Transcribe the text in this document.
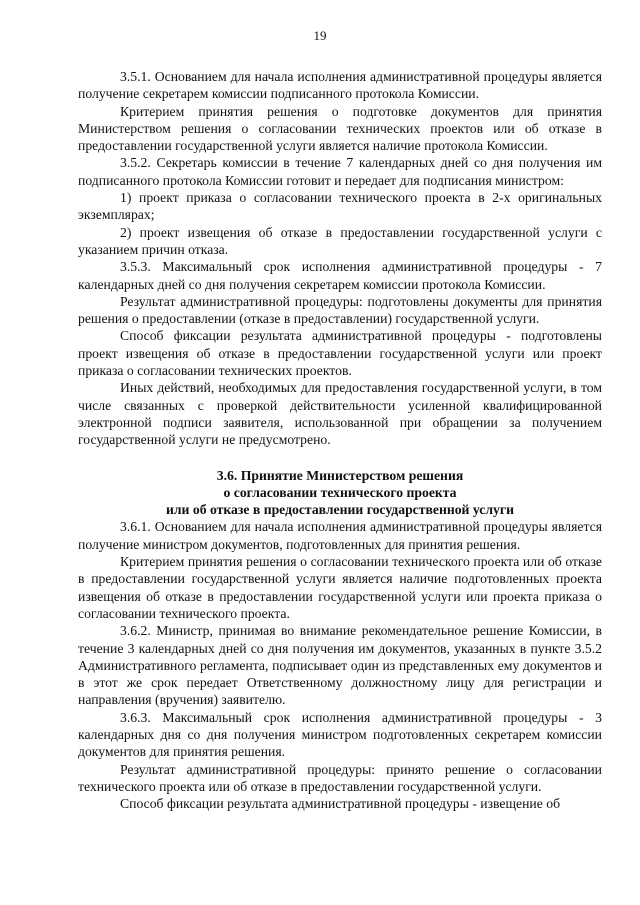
19

3.5.1. Основанием для начала исполнения административной процедуры является получение секретарем комиссии подписанного протокола Комиссии.

Критерием принятия решения о подготовке документов для принятия Министерством решения о согласовании технических проектов или об отказе в предоставлении государственной услуги является наличие протокола Комиссии.

3.5.2. Секретарь комиссии в течение 7 календарных дней со дня получения им подписанного протокола Комиссии готовит и передает для подписания министром:

1) проект приказа о согласовании технического проекта в 2-х оригинальных экземплярах;

2) проект извещения об отказе в предоставлении государственной услуги с указанием причин отказа.

3.5.3. Максимальный срок исполнения административной процедуры - 7 календарных дней со дня получения секретарем комиссии протокола Комиссии.

Результат административной процедуры: подготовлены документы для принятия решения о предоставлении (отказе в предоставлении) государственной услуги.

Способ фиксации результата административной процедуры - подготовлены проект извещения об отказе в предоставлении государственной услуги или проект приказа о согласовании технических проектов.

Иных действий, необходимых для предоставления государственной услуги, в том числе связанных с проверкой действительности усиленной квалифицированной электронной подписи заявителя, использованной при обращении за получением государственной услуги не предусмотрено.

3.6. Принятие Министерством решения
о согласовании технического проекта
или об отказе в предоставлении государственной услуги

3.6.1. Основанием для начала исполнения административной процедуры является получение министром документов, подготовленных для принятия решения.

Критерием принятия решения о согласовании технического проекта или об отказе в предоставлении государственной услуги является наличие подготовленных проекта извещения об отказе в предоставлении государственной услуги или проекта приказа о согласовании технического проекта.

3.6.2. Министр, принимая во внимание рекомендательное решение Комиссии, в течение 3 календарных дней со дня получения им документов, указанных в пункте 3.5.2 Административного регламента, подписывает один из представленных ему документов и в этот же срок передает Ответственному должностному лицу для регистрации и направления (вручения) заявителю.

3.6.3. Максимальный срок исполнения административной процедуры - 3 календарных дня со дня получения министром подготовленных секретарем комиссии документов для принятия решения.

Результат административной процедуры: принято решение о согласовании технического проекта или об отказе в предоставлении государственной услуги.

Способ фиксации результата административной процедуры - извещение об
